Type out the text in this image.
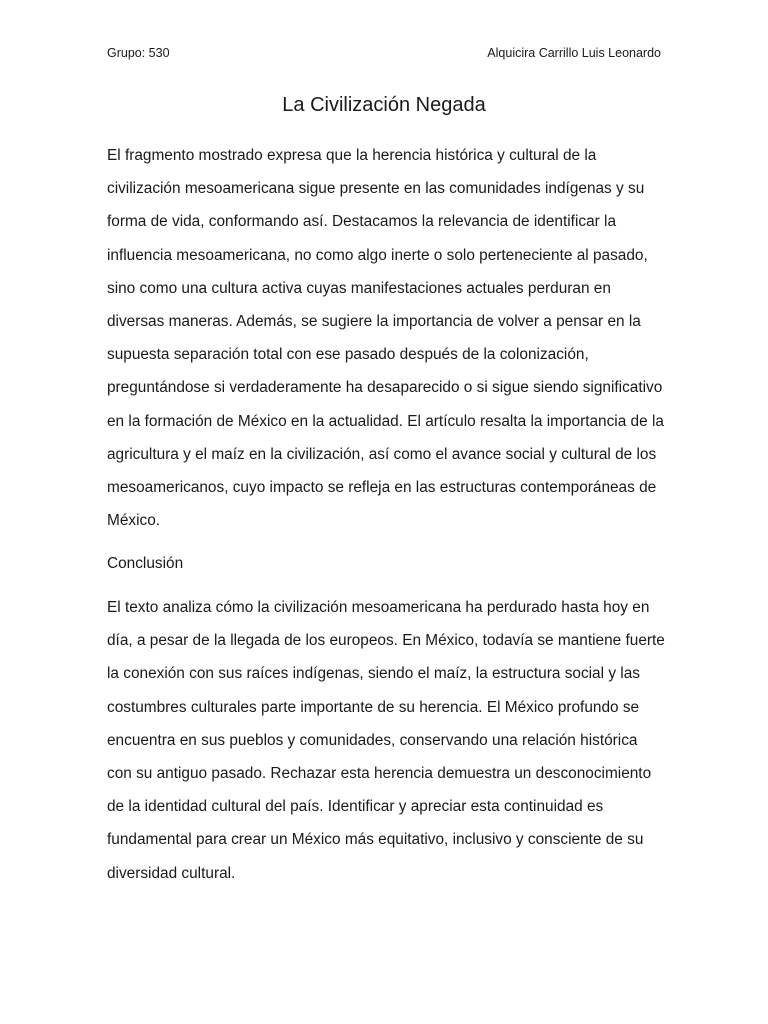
Grupo: 530	Alquicira Carrillo Luis Leonardo
La Civilización Negada

El fragmento mostrado expresa que la herencia histórica y cultural de la civilización mesoamericana sigue presente en las comunidades indígenas y su forma de vida, conformando así. Destacamos la relevancia de identificar la influencia mesoamericana, no como algo inerte o solo perteneciente al pasado, sino como una cultura activa cuyas manifestaciones actuales perduran en diversas maneras. Además, se sugiere la importancia de volver a pensar en la supuesta separación total con ese pasado después de la colonización, preguntándose si verdaderamente ha desaparecido o si sigue siendo significativo en la formación de México en la actualidad. El artículo resalta la importancia de la agricultura y el maíz en la civilización, así como el avance social y cultural de los mesoamericanos, cuyo impacto se refleja en las estructuras contemporáneas de México.

Conclusión

El texto analiza cómo la civilización mesoamericana ha perdurado hasta hoy en día, a pesar de la llegada de los europeos. En México, todavía se mantiene fuerte la conexión con sus raíces indígenas, siendo el maíz, la estructura social y las costumbres culturales parte importante de su herencia. El México profundo se encuentra en sus pueblos y comunidades, conservando una relación histórica con su antiguo pasado. Rechazar esta herencia demuestra un desconocimiento de la identidad cultural del país. Identificar y apreciar esta continuidad es fundamental para crear un México más equitativo, inclusivo y consciente de su diversidad cultural.
